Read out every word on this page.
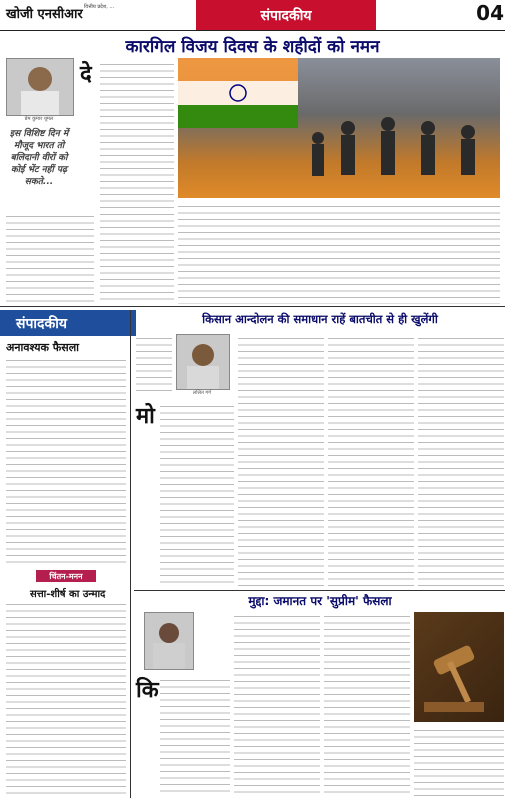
खोजी एनसीआर वित्तीय प्रदेश, ...
संपादकीय	04
कारगिल विजय दिवस के शहीदों को नमन
प्रेम कुमार धूमल
इस विशिष्ट दिन में मौजूद भारत तो बलिदानी वीरों को कोई भेंट नहीं पढ़ सकते...
दे
संपादकीय
अनावश्यक फैसला
चिंतन-मनन
सत्ता-शीर्ष का उन्माद
किसान आन्दोलन की समाधान राहें बातचीत से ही खुलेंगी
ललित गर्ग
मो
मुद्दा: जमानत पर 'सुप्रीम' फैसला
कि
